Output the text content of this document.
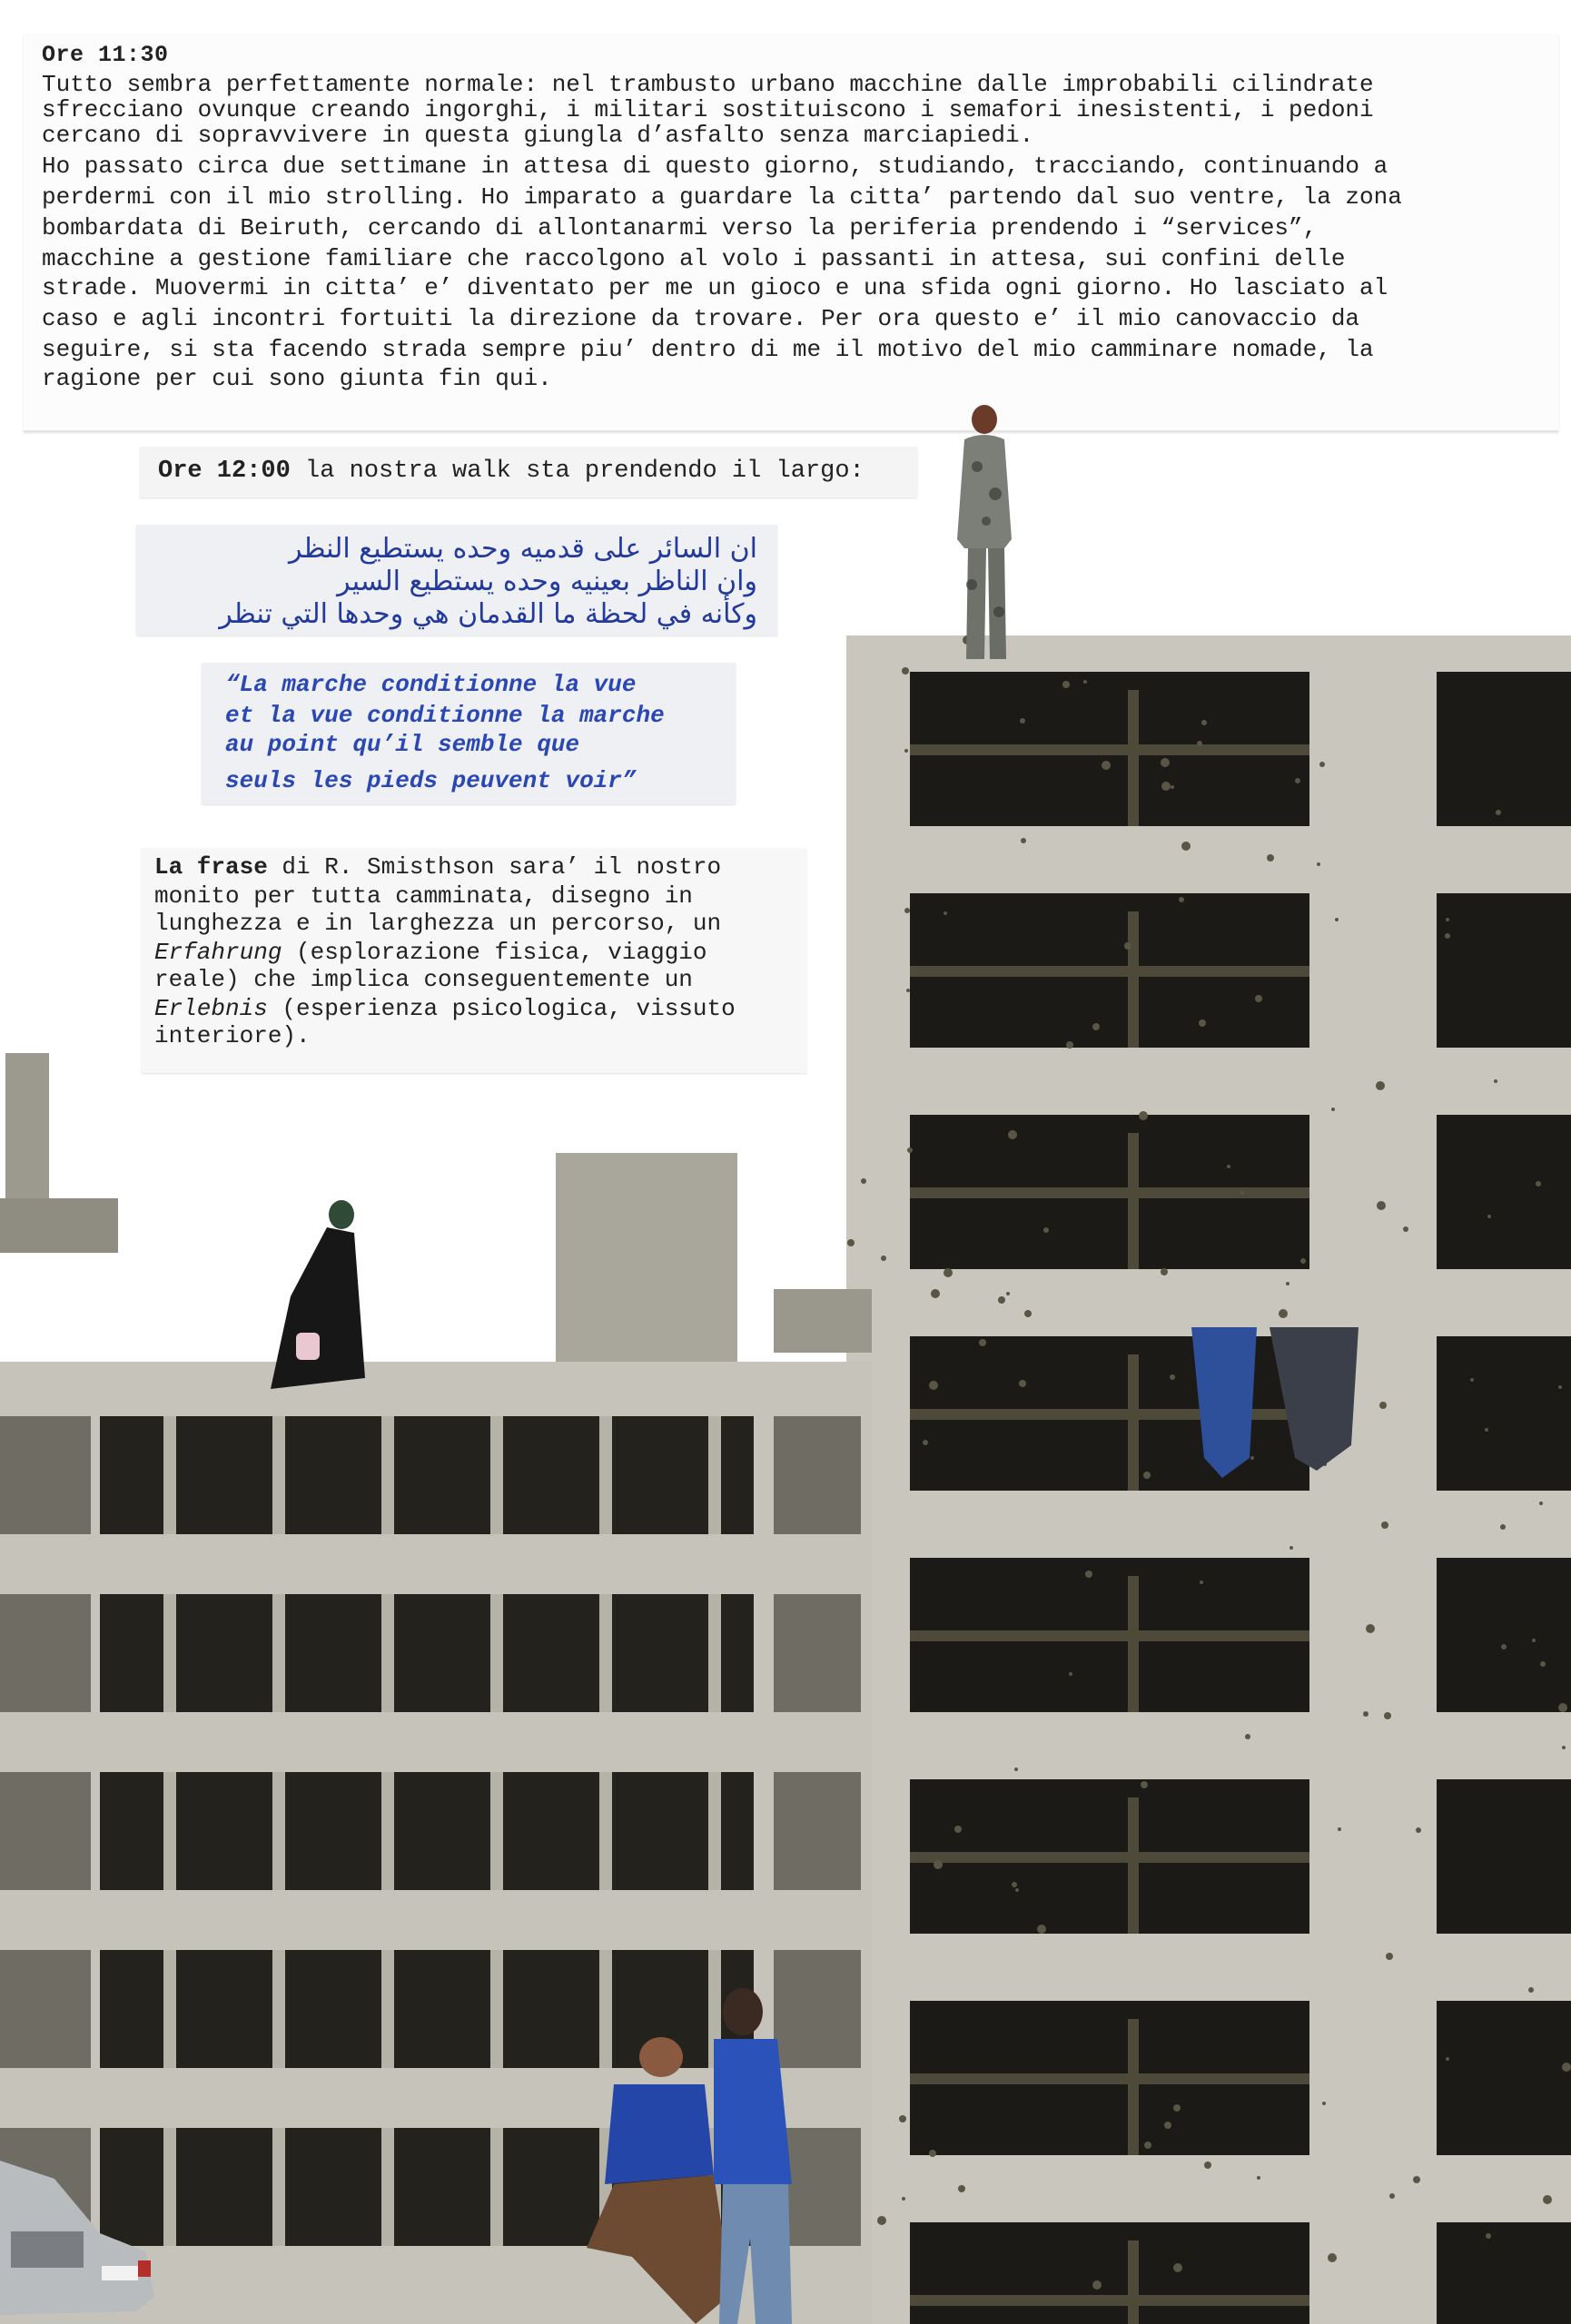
Ore 11:30
Tutto sembra perfettamente normale: nel trambusto urbano macchine dalle improbabili cilindrate
sfrecciano ovunque creando ingorghi, i militari sostituiscono i semafori inesistenti, i pedoni
cercano di sopravvivere in questa giungla d’asfalto senza marciapiedi.
Ho passato circa due settimane in attesa di questo giorno, studiando, tracciando, continuando a
perdermi con il mio strolling. Ho imparato a guardare la citta’ partendo dal suo ventre, la zona
bombardata di Beiruth, cercando di allontanarmi verso la periferia prendendo i “services”,
macchine a gestione familiare che raccolgono al volo i passanti in attesa, sui confini delle
strade. Muovermi in citta’ e’ diventato per me un gioco e una sfida ogni giorno. Ho lasciato al
caso e agli incontri fortuiti la direzione da trovare. Per ora questo e’ il mio canovaccio da
seguire, si sta facendo strada sempre piu’ dentro di me il motivo del mio camminare nomade, la
ragione per cui sono giunta fin qui.
Ore 12:00 la nostra walk sta prendendo il largo:
ان السائر على قدميه وحده يستطيع النظر
وان الناظر بعينيه وحده يستطيع السير
وكأنه في لحظة ما القدمان هي وحدها التي تنظر
“La marche conditionne la vue
et la vue conditionne la marche
au point qu’il semble que
seuls les pieds peuvent voir”
La frase di R. Smisthson sara’ il nostro
monito per tutta camminata, disegno in
lunghezza e in larghezza un percorso, un
Erfahrung (esplorazione fisica, viaggio
reale) che implica conseguentemente un
Erlebnis (esperienza psicologica, vissuto
interiore).
